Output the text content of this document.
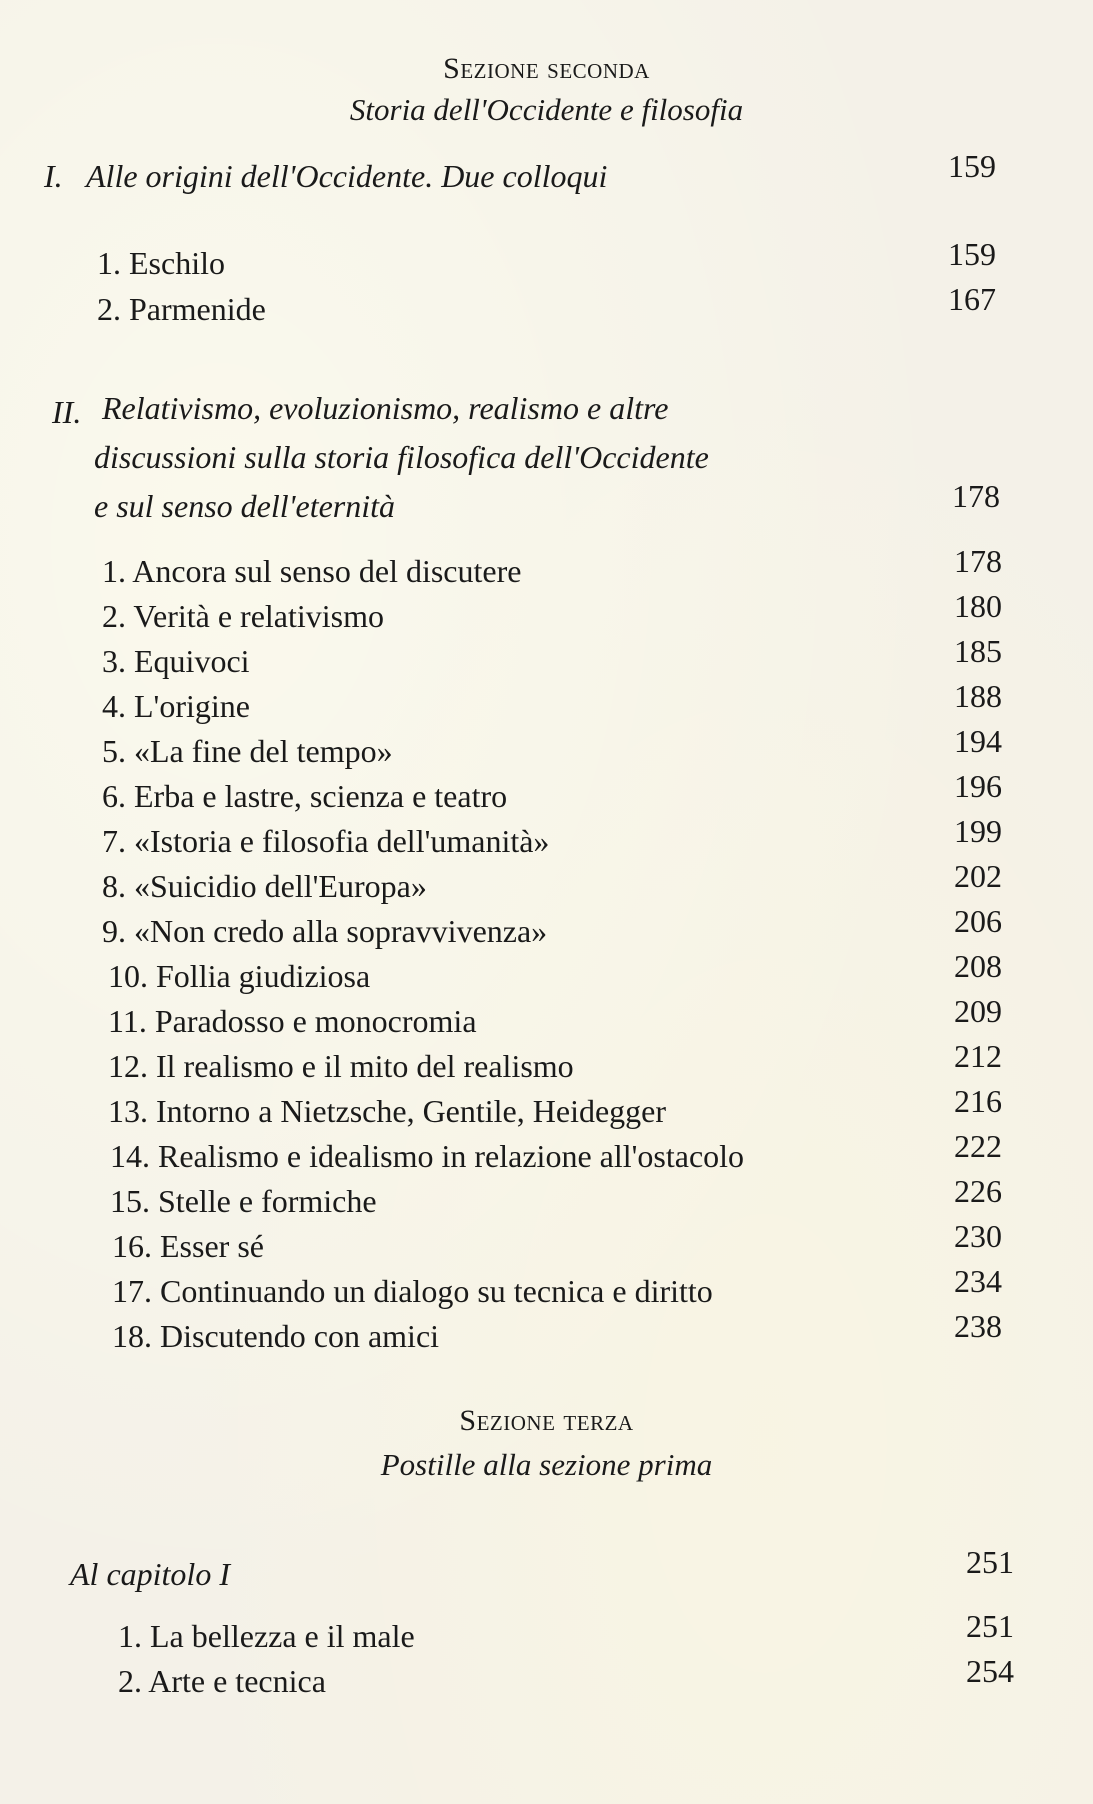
Sezione seconda
Storia dell'Occidente e filosofia
I. Alle origini dell'Occidente. Due colloqui	159
1. Eschilo	159
2. Parmenide	167
II. Relativismo, evoluzionismo, realismo e altre
discussioni sulla storia filosofica dell'Occidente
e sul senso dell'eternità	178
1. Ancora sul senso del discutere	178
2. Verità e relativismo	180
3. Equivoci	185
4. L'origine	188
5. «La fine del tempo»	194
6. Erba e lastre, scienza e teatro	196
7. «Istoria e filosofia dell'umanità»	199
8. «Suicidio dell'Europa»	202
9. «Non credo alla sopravvivenza»	206
10. Follia giudiziosa	208
11. Paradosso e monocromia	209
12. Il realismo e il mito del realismo	212
13. Intorno a Nietzsche, Gentile, Heidegger	216
14. Realismo e idealismo in relazione all'ostacolo	222
15. Stelle e formiche	226
16. Esser sé	230
17. Continuando un dialogo su tecnica e diritto	234
18. Discutendo con amici	238
Sezione terza
Postille alla sezione prima
Al capitolo I	251
1. La bellezza e il male	251
2. Arte e tecnica	254
